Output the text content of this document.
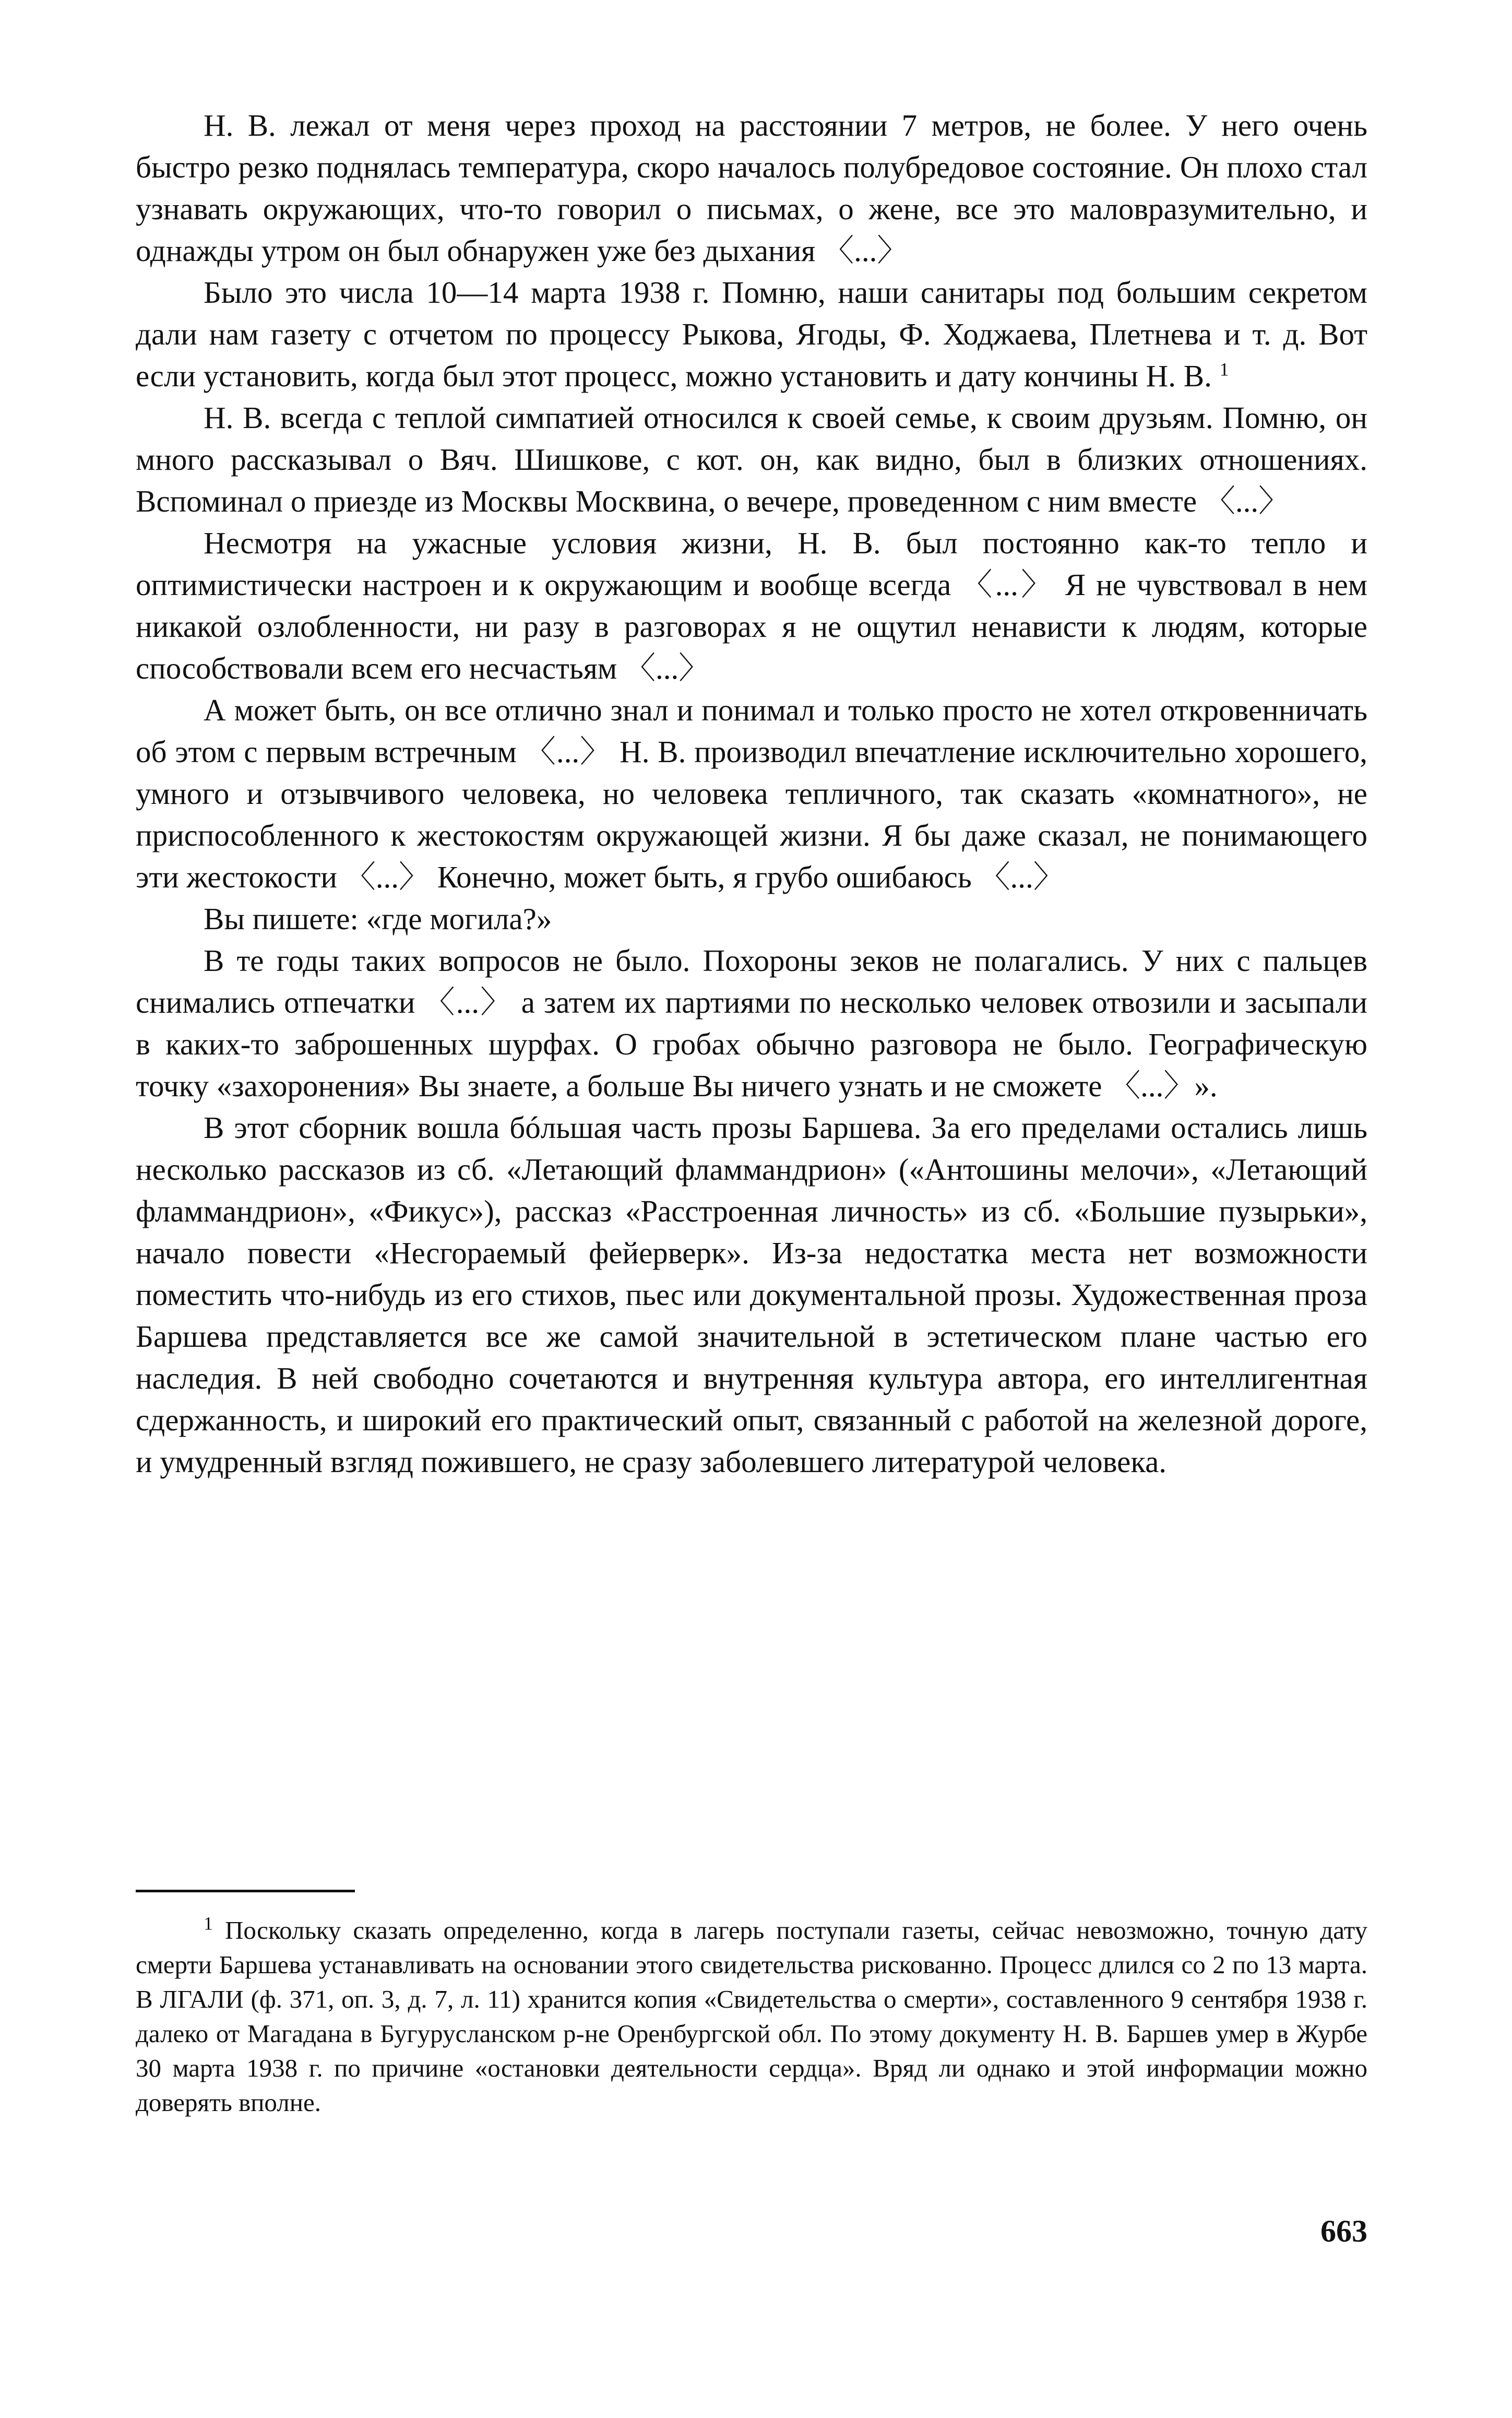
Н. В. лежал от меня через проход на расстоянии 7 метров, не более. У него очень быстро резко поднялась температура, скоро началось полубредовое состояние. Он плохо стал узнавать окружающих, что-то говорил о письмах, о жене, все это маловразумительно, и однажды утром он был обнаружен уже без дыхания 〈...〉

Было это числа 10—14 марта 1938 г. Помню, наши санитары под большим секретом дали нам газету с отчетом по процессу Рыкова, Ягоды, Ф. Ходжаева, Плетнева и т. д. Вот если установить, когда был этот процесс, можно установить и дату кончины Н. В. $^1$

Н. В. всегда с теплой симпатией относился к своей семье, к своим друзьям. Помню, он много рассказывал о Вяч. Шишкове, с кот. он, как видно, был в близких отношениях. Вспоминал о приезде из Москвы Москвина, о вечере, проведенном с ним вместе 〈...〉

Несмотря на ужасные условия жизни, Н. В. был постоянно как-то тепло и оптимистически настроен и к окружающим и вообще всегда 〈...〉 Я не чувствовал в нем никакой озлобленности, ни разу в разговорах я не ощутил ненависти к людям, которые способствовали всем его несчастьям 〈...〉

А может быть, он все отлично знал и понимал и только просто не хотел откровенничать об этом с первым встречным 〈...〉 Н. В. производил впечатление исключительно хорошего, умного и отзывчивого человека, но человека тепличного, так сказать «комнатного», не приспособленного к жестокостям окружающей жизни. Я бы даже сказал, не понимающего эти жестокости 〈...〉 Конечно, может быть, я грубо ошибаюсь 〈...〉

Вы пишете: «где могила?»

В те годы таких вопросов не было. Похороны зеков не полагались. У них с пальцев снимались отпечатки 〈...〉 а затем их партиями по несколько человек отвозили и засыпали в каких-то заброшенных шурфах. О гробах обычно разговора не было. Географическую точку «захоронения» Вы знаете, а больше Вы ничего узнать и не сможете 〈...〉».

В этот сборник вошла бóльшая часть прозы Баршева. За его пределами остались лишь несколько рассказов из сб. «Летающий фламмандрион» («Антошины мелочи», «Летающий фламмандрион», «Фикус»), рассказ «Расстроенная личность» из сб. «Большие пузырьки», начало повести «Несгораемый фейерверк». Из-за недостатка места нет возможности поместить что-нибудь из его стихов, пьес или документальной прозы. Художественная проза Баршева представляется все же самой значительной в эстетическом плане частью его наследия. В ней свободно сочетаются и внутренняя культура автора, его интеллигентная сдержанность, и широкий его практический опыт, связанный с работой на железной дороге, и умудренный взгляд пожившего, не сразу заболевшего литературой человека.

$^1$ Поскольку сказать определенно, когда в лагерь поступали газеты, сейчас невозможно, точную дату смерти Баршева устанавливать на основании этого свидетельства рискованно. Процесс длился со 2 по 13 марта. В ЛГАЛИ (ф. 371, оп. 3, д. 7, л. 11) хранится копия «Свидетельства о смерти», составленного 9 сентября 1938 г. далеко от Магадана в Бугурусланском р-не Оренбургской обл. По этому документу Н. В. Баршев умер в Журбе 30 марта 1938 г. по причине «остановки деятельности сердца». Вряд ли однако и этой информации можно доверять вполне.

663
